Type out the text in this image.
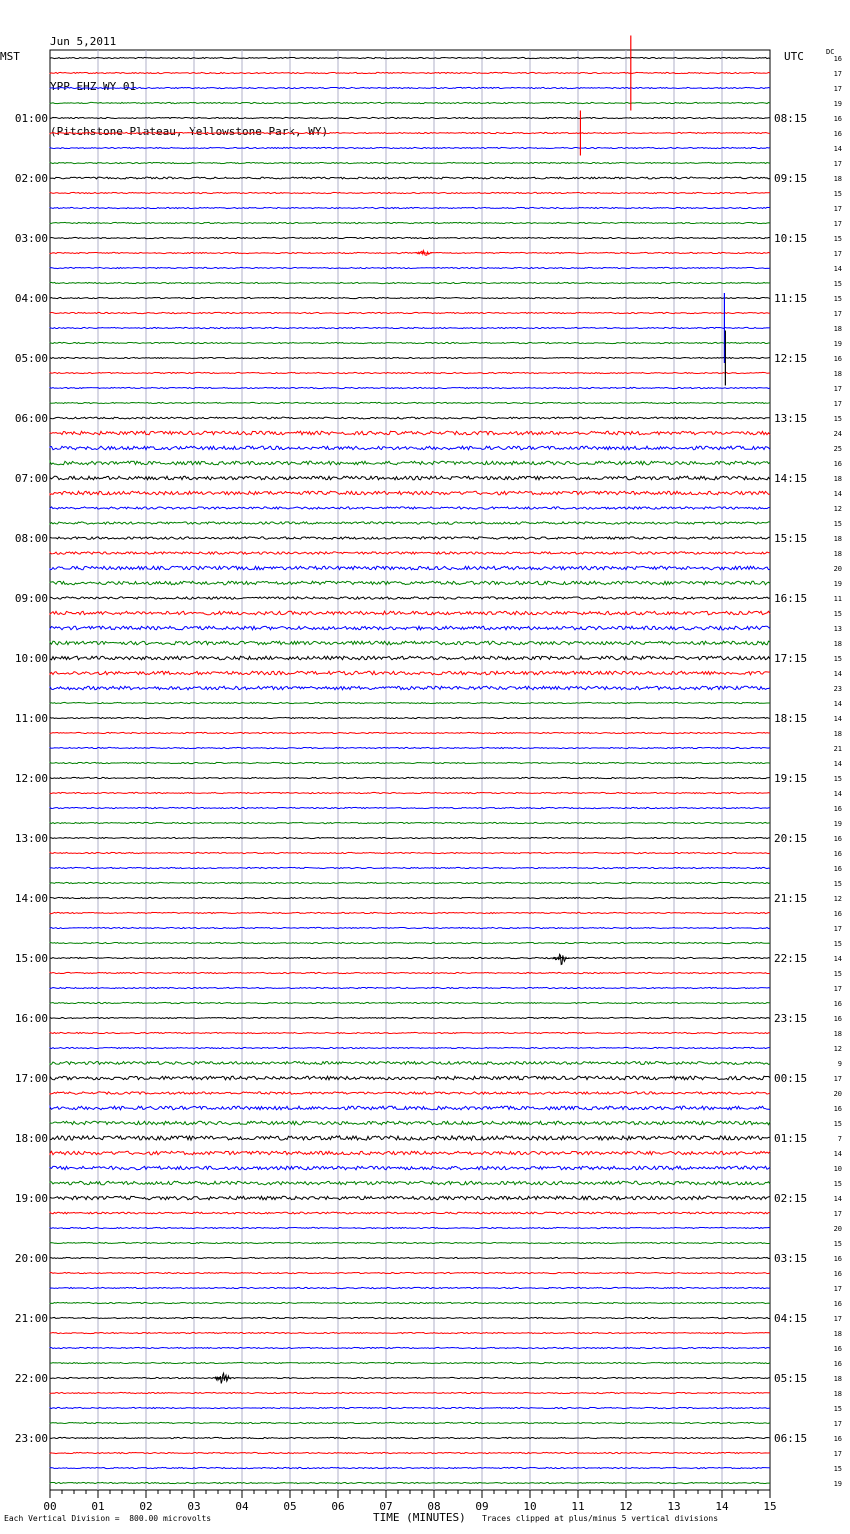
Jun 5,2011

YPP EHZ WY 01

(Pitchstone Plateau, Yellowstone Park, WY)

MST	UTC	DC
00	01	02	03	04	05	06	07	08	09	10	11	12	13	14	15
16
17
17
19
16
01:00	08:15
16
14
17
18
02:00	09:15
15
17
17
15
03:00	10:15
17
14
15
15
04:00	11:15
17
18
19
16
05:00	12:15
18
17
17
15
06:00	13:15
24
25
16
18
07:00	14:15
14
12
15
18
08:00	15:15
18
20
19
11
09:00	16:15
15
13
18
15
10:00	17:15
14
23
14
14
11:00	18:15
18
21
14
15
12:00	19:15
14
16
19
16
13:00	20:15
16
16
15
12
14:00	21:15
16
17
15
14
15:00	22:15
15
17
16
16
16:00	23:15
18
12
9
17
17:00	00:15
20
16
15
7
18:00	01:15
14
10
15
14
19:00	02:15
17
20
15
16
20:00	03:15
16
17
16
17
21:00	04:15
18
16
16
18
22:00	05:15
18
15
17
16
23:00	06:15
17
15
19
Each Vertical Division =  800.00 microvolts	TIME (MINUTES) Traces clipped at plus/minus 5 vertical divisions
